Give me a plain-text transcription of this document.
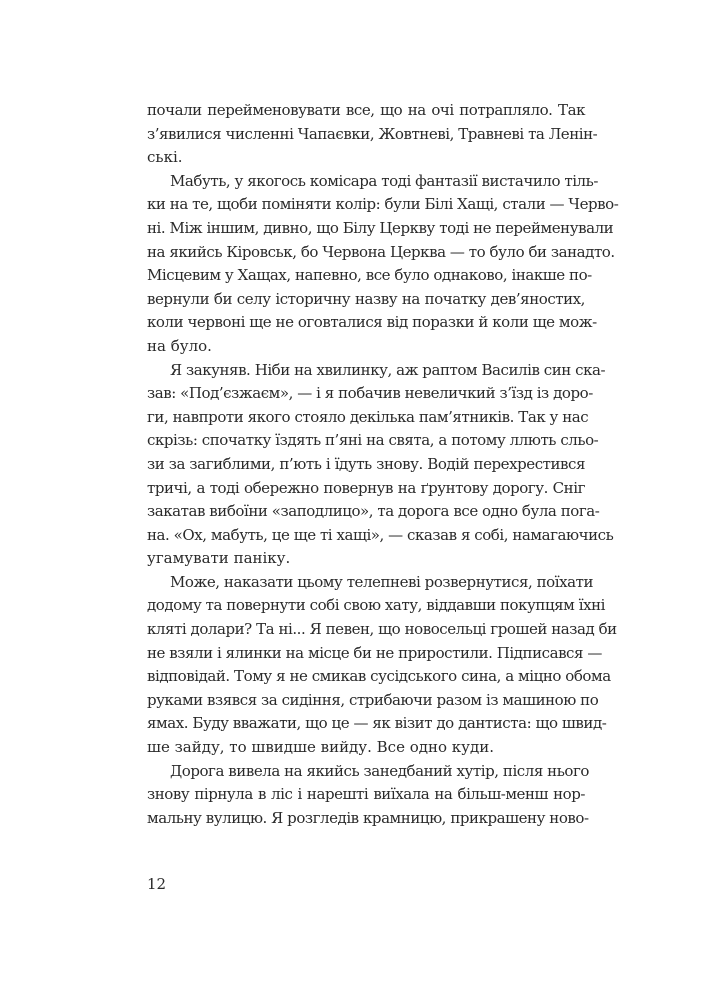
почали перейменовувати все, що на очі потрапляло. Так
з’явилися численні Чапаєвки, Жовтневі, Травневі та Ленін-
ські.

Мабуть, у якогось комісара тоді фантазії вистачило тіль-
ки на те, щоби поміняти колір: були Білі Хащі, стали — Черво-
ні. Між іншим, дивно, що Білу Церкву тоді не перейменували
на якийсь Кіровськ, бо Червона Церква — то було би занадто.
Місцевим у Хащах, напевно, все було однаково, інакше по-
вернули би селу історичну назву на початку дев’яностих,
коли червоні ще не оговталися від поразки й коли ще мож-
на було.

Я закуняв. Ніби на хвилинку, аж раптом Василів син ска-
зав: «Под’єзжаєм», — і я побачив невеличкий з’їзд із доро-
ги, навпроти якого стояло декілька пам’ятників. Так у нас
скрізь: спочатку їздять п’яні на свята, а потому ллють сльо-
зи за загиблими, п’ють і їдуть знову. Водій перехрестився
тричі, а тоді обережно повернув на ґрунтову дорогу. Сніг
закатав вибоїни «заподлицо», та дорога все одно була пога-
на. «Ох, мабуть, це ще ті хащі», — сказав я собі, намагаючись
угамувати паніку.

Може, наказати цьому телепневі розвернутися, поїхати
додому та повернути собі свою хату, віддавши покупцям їхні
кляті долари? Та ні... Я певен, що новосельці грошей назад би
не взяли і ялинки на місце би не приростили. Підписався —
відповідай. Тому я не смикав сусідського сина, а міцно обома
руками взявся за сидіння, стрибаючи разом із машиною по
ямах. Буду вважати, що це — як візит до дантиста: що швид-
ше зайду, то швидше вийду. Все одно куди.

Дорога вивела на якийсь занедбаний хутір, після нього
знову пірнула в ліс і нарешті виїхала на більш-менш нор-
мальну вулицю. Я розгледів крамницю, прикрашену ново-

12
